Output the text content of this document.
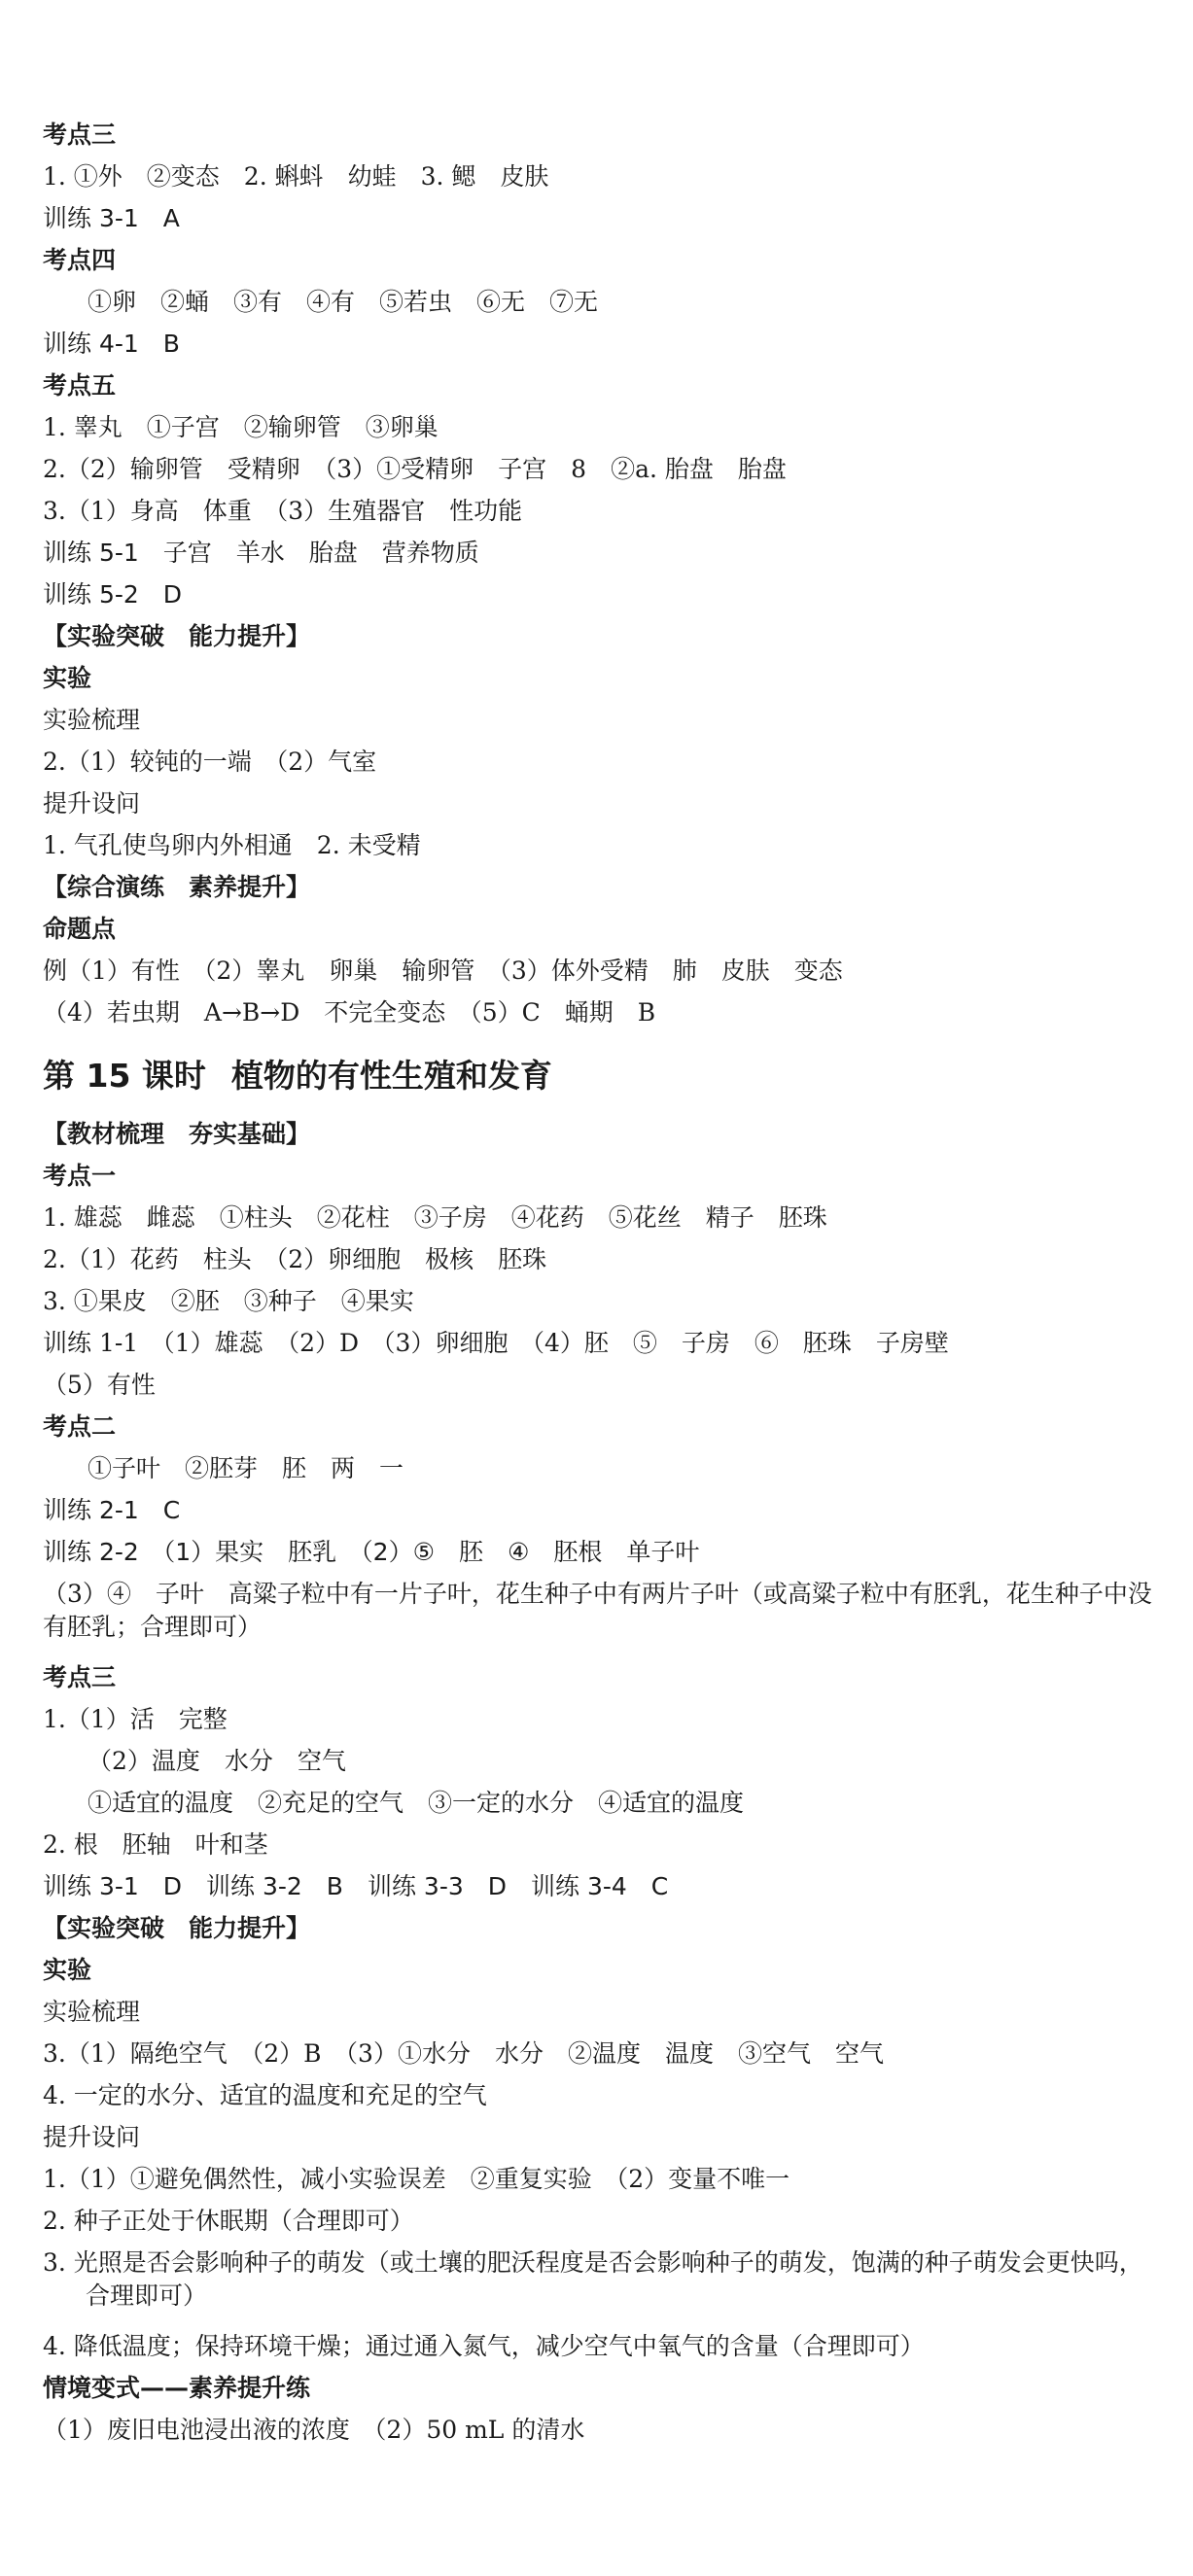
第 15 课时 植物的有性生殖和发育
考点三
1. ①外　②变态　2. 蝌蚪　幼蛙　3. 鳃　皮肤
训练 3-1　A
考点四
①卵　②蛹　③有　④有　⑤若虫　⑥无　⑦无
训练 4-1　B
考点五
1. 睾丸　①子宫　②输卵管　③卵巢
2.（2）输卵管　受精卵　（3）①受精卵　子宫　8　②a. 胎盘　胎盘
3.（1）身高　体重　（3）生殖器官　性功能
训练 5-1　子宫　羊水　胎盘　营养物质
训练 5-2　D
【实验突破　能力提升】
实验
实验梳理
2.（1）较钝的一端　（2）气室
提升设问
1. 气孔使鸟卵内外相通　2. 未受精
【综合演练　素养提升】
命题点
例（1）有性　（2）睾丸　卵巢　输卵管　（3）体外受精　肺　皮肤　变态
（4）若虫期　A→B→D　不完全变态　（5）C　蛹期　B
【教材梳理　夯实基础】
考点一
1. 雄蕊　雌蕊　①柱头　②花柱　③子房　④花药　⑤花丝　精子　胚珠
2.（1）花药　柱头　（2）卵细胞　极核　胚珠
3. ①果皮　②胚　③种子　④果实
训练 1-1　（1）雄蕊　（2）D　（3）卵细胞　（4）胚　⑤　子房　⑥　胚珠　子房壁
（5）有性
考点二
①子叶　②胚芽　胚　两　一
训练 2-1　C
训练 2-2　（1）果实　胚乳　（2）⑤　胚　④　胚根　单子叶
（3）④　子叶　高粱子粒中有一片子叶，花生种子中有两片子叶（或高粱子粒中有胚乳，花生种子中没有胚乳；合理即可）
考点三
1.（1）活　完整
（2）温度　水分　空气
①适宜的温度　②充足的空气　③一定的水分　④适宜的温度
2. 根　胚轴　叶和茎
训练 3-1　D　训练 3-2　B　训练 3-3　D　训练 3-4　C
【实验突破　能力提升】
实验
实验梳理
3.（1）隔绝空气　（2）B　（3）①水分　水分　②温度　温度　③空气　空气
4. 一定的水分、适宜的温度和充足的空气
提升设问
1.（1）①避免偶然性，减小实验误差　②重复实验　（2）变量不唯一
2. 种子正处于休眠期（合理即可）
3. 光照是否会影响种子的萌发（或土壤的肥沃程度是否会影响种子的萌发，饱满的种子萌发会更快吗，合理即可）
4. 降低温度；保持环境干燥；通过通入氮气，减少空气中氧气的含量（合理即可）
情境变式——素养提升练
（1）废旧电池浸出液的浓度　（2）50 mL 的清水
